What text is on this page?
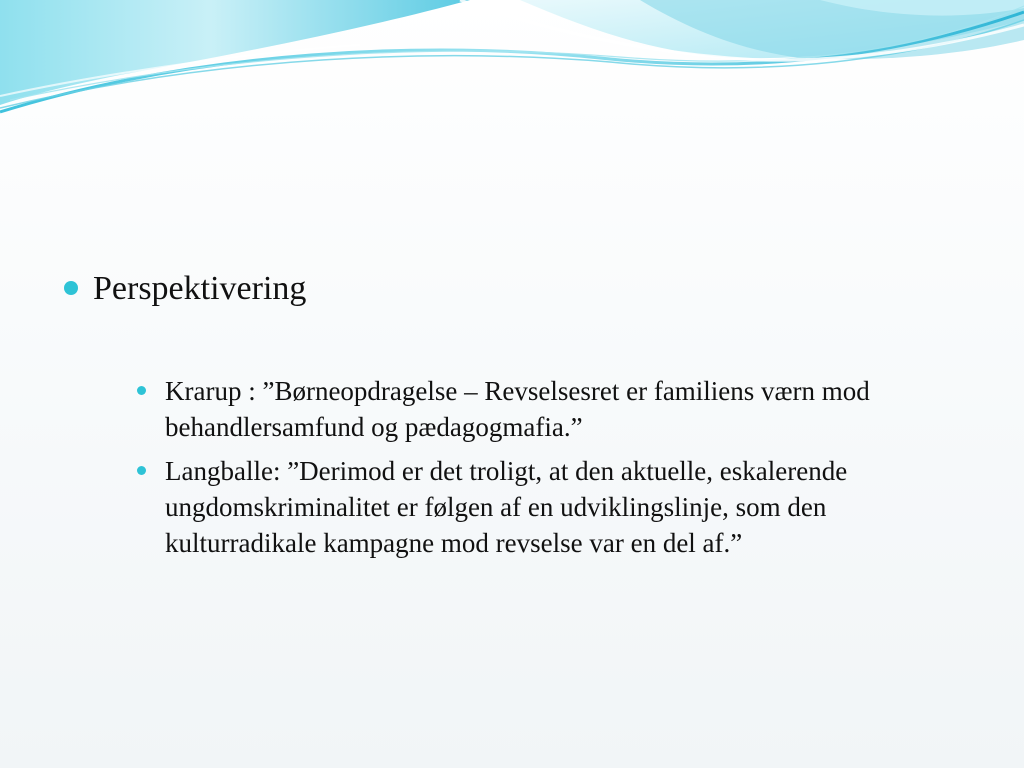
Perspektivering
Krarup : ”Børneopdragelse – Revselsesret er familiens værn mod behandlersamfund og pædagogmafia.”
Langballe: ”Derimod er det troligt, at den aktuelle, eskalerende ungdomskriminalitet er følgen af en udviklingslinje, som den kulturradikale kampagne mod revselse var en del af.”
